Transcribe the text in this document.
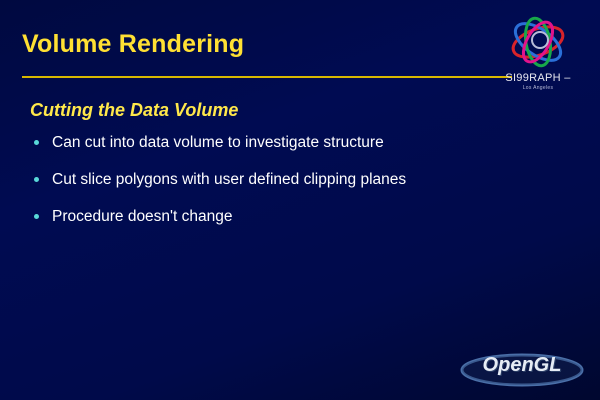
Volume Rendering
Cutting the Data Volume
Can cut into data volume to investigate structure
Cut slice polygons with user defined clipping planes
Procedure doesn't change
SI99RAPH –
Los Angeles
OpenGL
